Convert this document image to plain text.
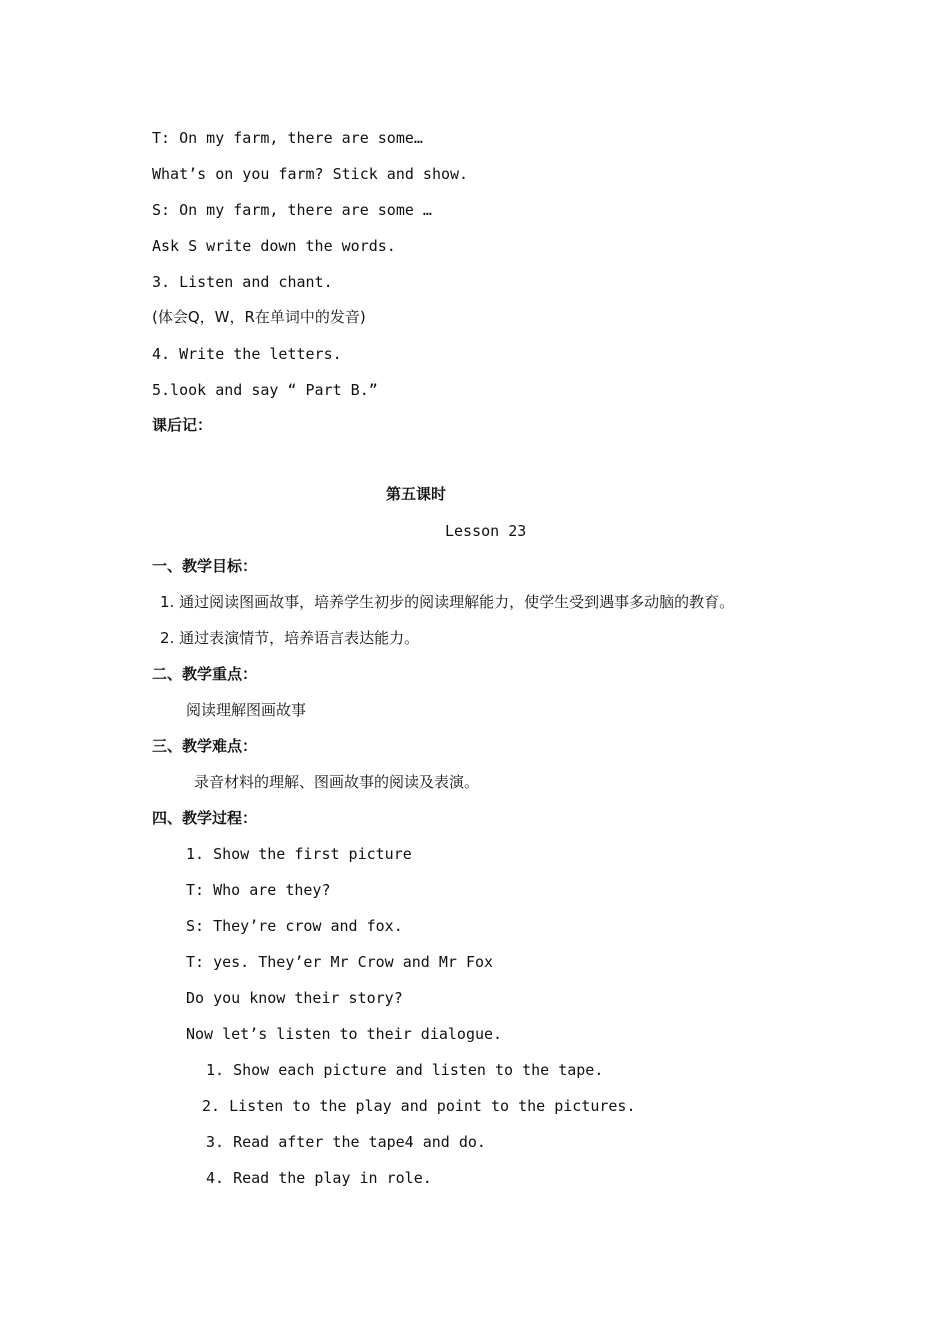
T: On my farm, there are some…
What’s on you farm? Stick and show.
S: On my farm, there are some …
Ask S write down the words.
3. Listen and chant.
(体会Q，W，R在单词中的发音)
4. Write the letters.
5.look and say “ Part B.”
课后记：
第五课时
Lesson 23
一、教学目标：
1. 通过阅读图画故事，培养学生初步的阅读理解能力，使学生受到遇事多动脑的教育。
2. 通过表演情节，培养语言表达能力。
二、教学重点：
阅读理解图画故事
三、教学难点：
录音材料的理解、图画故事的阅读及表演。
四、教学过程：
1. Show the first picture
T: Who are they?
S: They’re crow and fox.
T: yes. They’er Mr Crow and Mr Fox
Do you know their story?
Now let’s listen to their dialogue.
1. Show each picture and listen to the tape.
2. Listen to the play and point to the pictures.
3. Read after the tape4 and do.
4. Read the play in role.
